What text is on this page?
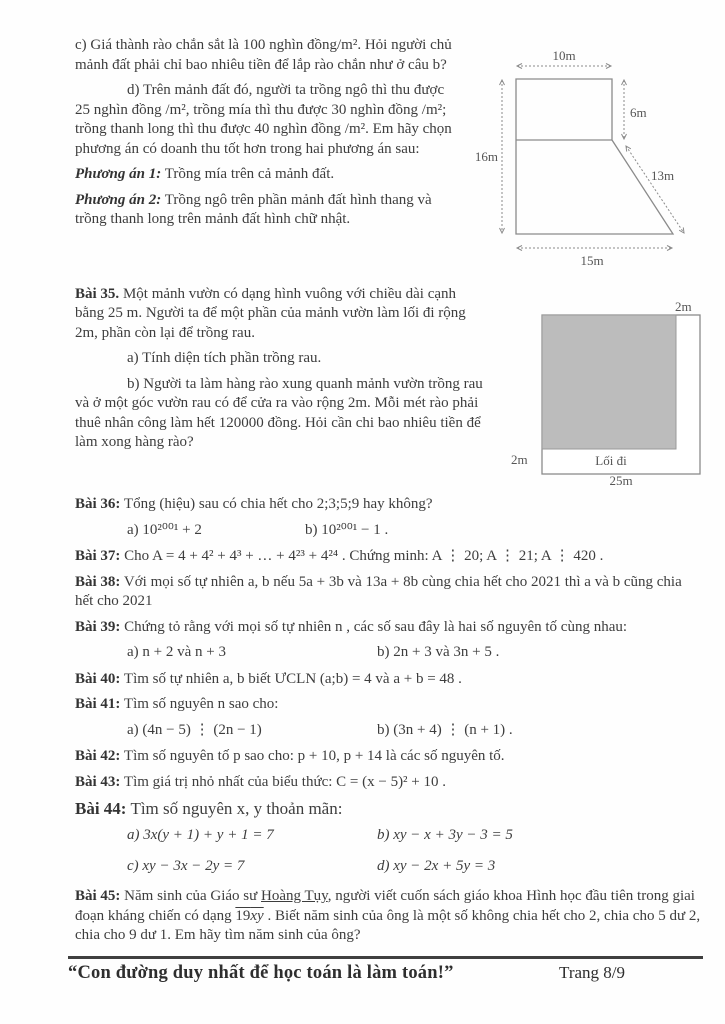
c) Giá thành rào chắn sắt là 100 nghìn đồng/m². Hỏi người chủ mảnh đất phải chỉ bao nhiêu tiền để lắp rào chắn như ở câu b?

d) Trên mảnh đất đó, người ta trồng ngô thì thu được 25 nghìn đồng /m², trồng mía thì thu được 30 nghìn đồng /m²; trồng thanh long thì thu được 40 nghìn đồng /m². Em hãy chọn phương án có doanh thu tốt hơn trong hai phương án sau:

Phương án 1: Trồng mía trên cả mảnh đất.

Phương án 2: Trồng ngô trên phần mảnh đất hình thang và trồng thanh long trên mảnh đất hình chữ nhật.

10m
16m
6m
13m
15m

Bài 35. Một mảnh vườn có dạng hình vuông với chiều dài cạnh bằng 25 m. Người ta để một phần của mảnh vườn làm lối đi rộng 2m, phần còn lại để trồng rau.

a) Tính diện tích phần trồng rau.

b) Người ta làm hàng rào xung quanh mảnh vườn trồng rau và ở một góc vườn rau có để cửa ra vào rộng 2m. Mỗi mét rào phải thuê nhân công làm hết 120000 đồng. Hỏi cần chi bao nhiêu tiền để làm xong hàng rào?

2m
2m	Lối đi
25m

Bài 36: Tổng (hiệu) sau có chia hết cho 2;3;5;9 hay không?

a) 10²⁰⁰¹ + 2	b) 10²⁰⁰¹ − 1 .

Bài 37: Cho A = 4 + 4² + 4³ + … + 4²³ + 4²⁴ . Chứng minh: A ⋮ 20; A ⋮ 21; A ⋮ 420 .

Bài 38: Với mọi số tự nhiên a, b nếu 5a + 3b và 13a + 8b cùng chia hết cho 2021 thì a và b cũng chia hết cho 2021

Bài 39: Chứng tỏ rằng với mọi số tự nhiên n , các số sau đây là hai số nguyên tố cùng nhau:

a) n + 2 và n + 3	b) 2n + 3 và 3n + 5 .

Bài 40: Tìm số tự nhiên a, b biết ƯCLN (a;b) = 4 và a + b = 48 .

Bài 41: Tìm số nguyên n sao cho:

a) (4n − 5) ⋮ (2n − 1)	b) (3n + 4) ⋮ (n + 1) .

Bài 42: Tìm số nguyên tố p sao cho: p + 10, p + 14 là các số nguyên tố.

Bài 43: Tìm giá trị nhỏ nhất của biểu thức: C = (x − 5)² + 10 .

Bài 44: Tìm số nguyên x, y thoản mãn:

a) 3x(y + 1) + y + 1 = 7	b) xy − x + 3y − 3 = 5
c) xy − 3x − 2y = 7	d) xy − 2x + 5y = 3

Bài 45: Năm sinh của Giáo sư Hoàng Tụy, người viết cuốn sách giáo khoa Hình học đầu tiên trong giai đoạn kháng chiến có dạng 19xy . Biết năm sinh của ông là một số không chia hết cho 2, chia cho 5 dư 2, chia cho 9 dư 1. Em hãy tìm năm sinh của ông?

“Con đường duy nhất để học toán là làm toán!”	Trang 8/9
